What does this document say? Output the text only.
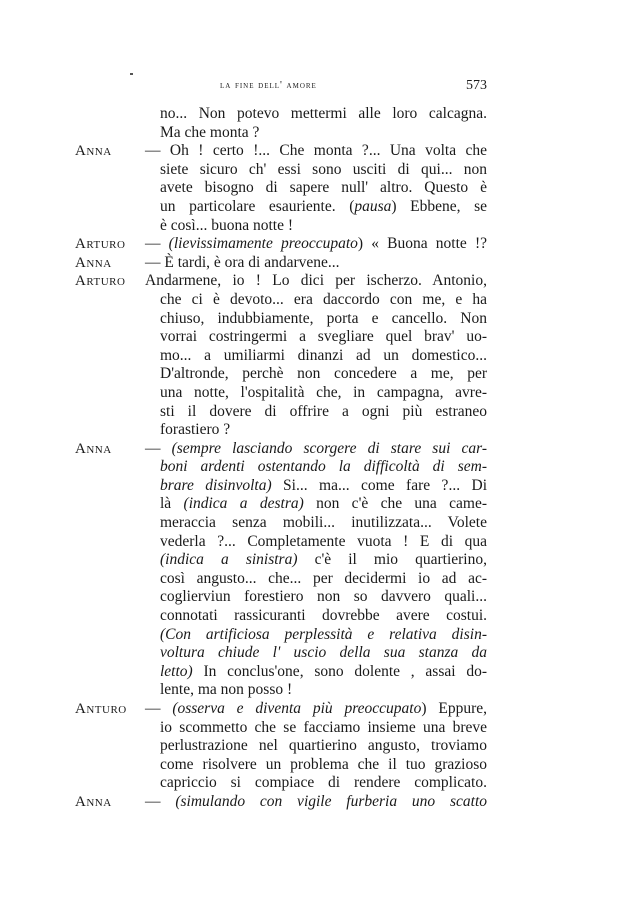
la fine dell' amore	573
no... Non potevo mettermi alle loro calcagna.
Ma che monta ?
Anna — Oh ! certo !... Che monta ?... Una volta che
siete sicuro ch' essi sono usciti di qui... non
avete bisogno di sapere null' altro. Questo è
un particolare esauriente. (pausa) Ebbene, se
è così... buona notte !
Arturo — (lievissimamente preoccupato) « Buona notte !?
Anna — È tardi, è ora di andarvene...
Arturo Andarmene, io ! Lo dici per ischerzo. Antonio,
che ci è devoto... era daccordo con me, e ha
chiuso, indubbiamente, porta e cancello. Non
vorrai costringermi a svegliare quel brav' uo-
mo... a umiliarmi dinanzi ad un domestico...
D'altronde, perchè non concedere a me, per
una notte, l'ospitalità che, in campagna, avre-
sti il dovere di offrire a ogni più estraneo
forastiero ?
Anna — (sempre lasciando scorgere di stare sui car-
boni ardenti ostentando la difficoltà di sem-
brare disinvolta) Si... ma... come fare ?... Di
là (indica a destra) non c'è che una came-
meraccia senza mobili... inutilizzata... Volete
vederla ?... Completamente vuota ! E di qua
(indica a sinistra) c'è il mio quartierino,
così angusto... che... per decidermi io ad ac-
coglierviun forestiero non so davvero quali...
connotati rassicuranti dovrebbe avere costui.
(Con artificiosa perplessità e relativa disin-
voltura chiude l' uscio della sua stanza da
letto) In conclus'one, sono dolente , assai do-
lente, ma non posso !
Anturo — (osserva e diventa più preoccupato) Eppure,
io scommetto che se facciamo insieme una breve
perlustrazione nel quartierino angusto, troviamo
come risolvere un problema che il tuo grazioso
capriccio si compiace di rendere complicato.
Anna — (simulando con vigile furberia uno scatto
